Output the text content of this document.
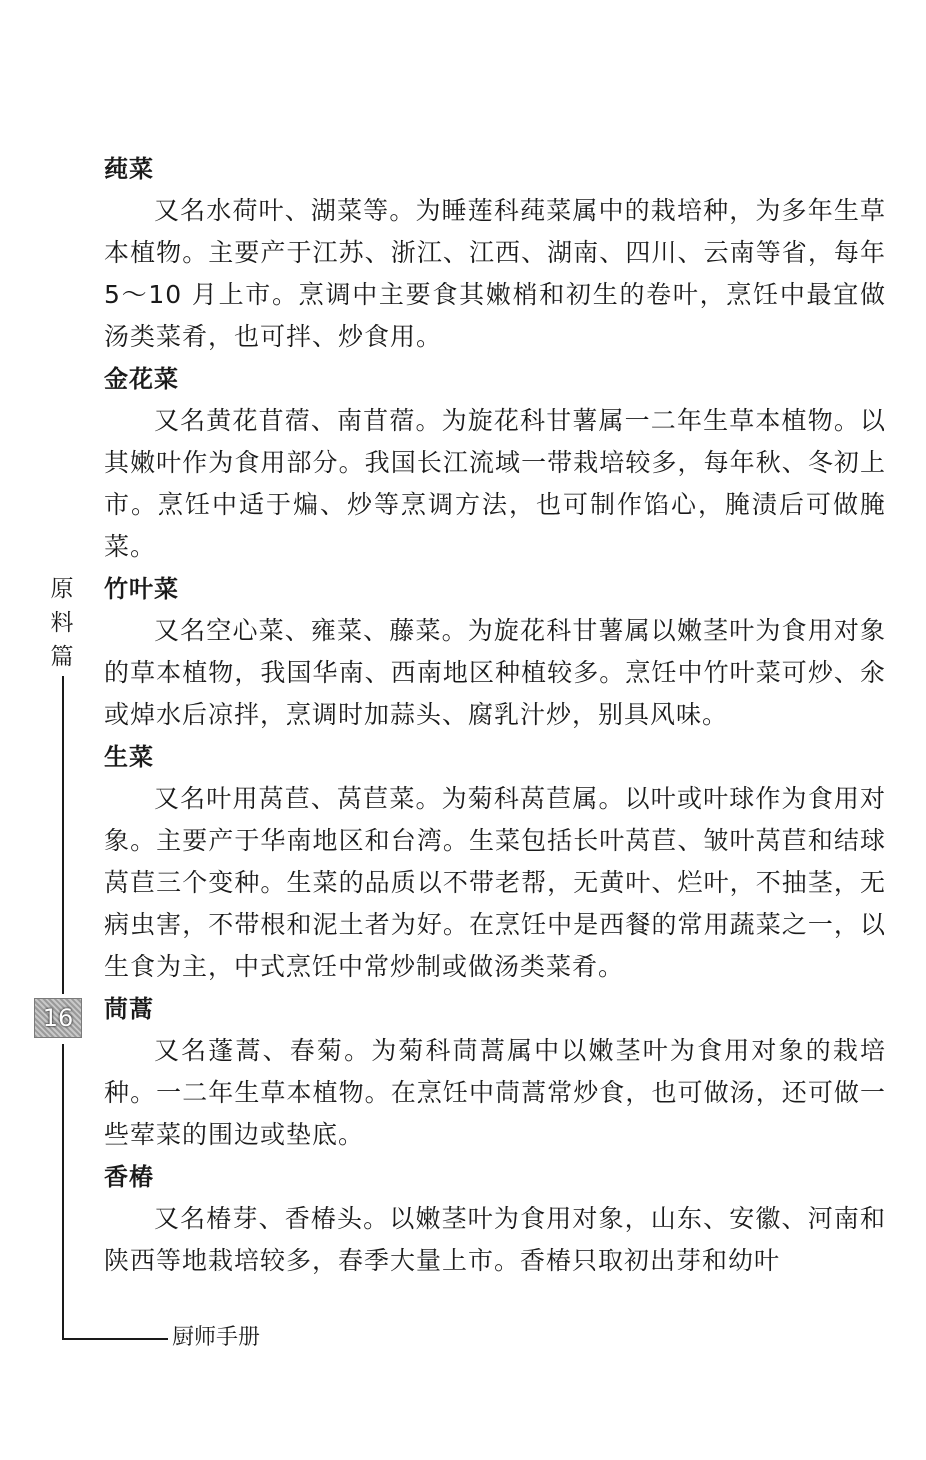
莼菜

又名水荷叶、湖菜等。为睡莲科莼菜属中的栽培种，为多年生草本植物。主要产于江苏、浙江、江西、湖南、四川、云南等省，每年 5～10 月上市。烹调中主要食其嫩梢和初生的卷叶，烹饪中最宜做汤类菜肴，也可拌、炒食用。

金花菜

又名黄花苜蓿、南苜蓿。为旋花科甘薯属一二年生草本植物。以其嫩叶作为食用部分。我国长江流域一带栽培较多，每年秋、冬初上市。烹饪中适于煸、炒等烹调方法，也可制作馅心，腌渍后可做腌菜。

竹叶菜

又名空心菜、雍菜、藤菜。为旋花科甘薯属以嫩茎叶为食用对象的草本植物，我国华南、西南地区种植较多。烹饪中竹叶菜可炒、氽或焯水后凉拌，烹调时加蒜头、腐乳汁炒，别具风味。

生菜

又名叶用莴苣、莴苣菜。为菊科莴苣属。以叶或叶球作为食用对象。主要产于华南地区和台湾。生菜包括长叶莴苣、皱叶莴苣和结球莴苣三个变种。生菜的品质以不带老帮，无黄叶、烂叶，不抽茎，无病虫害，不带根和泥土者为好。在烹饪中是西餐的常用蔬菜之一，以生食为主，中式烹饪中常炒制或做汤类菜肴。

茼蒿

又名蓬蒿、春菊。为菊科茼蒿属中以嫩茎叶为食用对象的栽培种。一二年生草本植物。在烹饪中茼蒿常炒食，也可做汤，还可做一些荤菜的围边或垫底。

香椿

又名椿芽、香椿头。以嫩茎叶为食用对象，山东、安徽、河南和陕西等地栽培较多，春季大量上市。香椿只取初出芽和幼叶

原
料
篇
16
厨师手册
